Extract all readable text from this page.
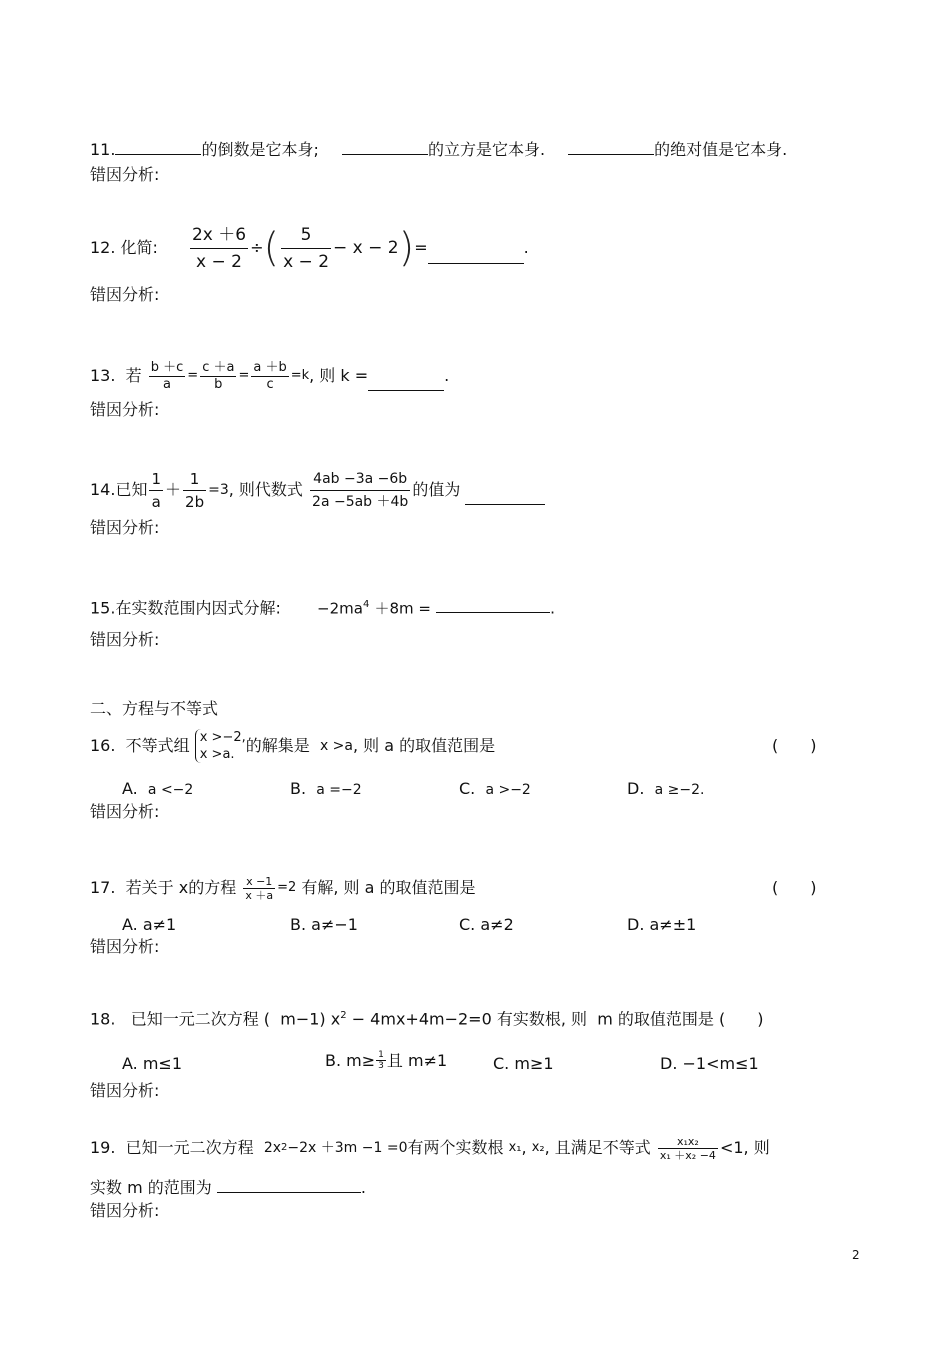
11.	的倒数是它本身;	的立方是它本身.	的绝对值是它本身.
错因分析:
12.
化简: $\frac{2x +6}{x - 2}$ ÷ ( $\frac{5}{x - 2} - x - 2$ ) =	.
错因分析:
13.
若
$\frac{b +c}{a} = \frac{c +a}{b} = \frac{a +b}{c} =k$ , 则 k =	.
错因分析:
14. 已知 $\frac{1}{a} + \frac{1}{2b} =3$ , 则代数式
$\frac{4ab -3a -6b}{2a -5ab +4b}$ 的值为

错因分析:
15.在实数范围内因式分解: $-2ma^4 +8m$ =	.
错因分析:
二、方程与不等式
16.
不等式组
x >−2,
x >a. 的解集是
x >a , 则 a 的取值范围是	(　　)
A. a <−2	B. a =−2	C. a >−2	D. a ≥−2.
错因分析:
17.
若关于
x 的方程
$\frac{x -1}{x +a} =2$
有解, 则 a 的取值范围是	(　　)
A. a≠1	B. a≠−1	C. a≠2	D. a≠±1
错因分析:
18. 已知一元二次方程 ( m−1) $x^2 - 4mx+4m-2=0$ 有实数根, 则 m 的取值范围是 (　　)
A. m≤1	B.
$m\ge \frac{1}{3}$ 且 m≠1	C. m≥1	D. −1<m≤1
错因分析:
19.
已知一元二次方程
2x 2 −2x ＋3m −1 =0 有两个实数根
x₁ ,
x₂ , 且满足不等式
$\frac{\text{x₁x₂}}{\text{x₁ ＋x₂ −4}} <1$, 则
实数 m 的范围为	.
错因分析:
2
